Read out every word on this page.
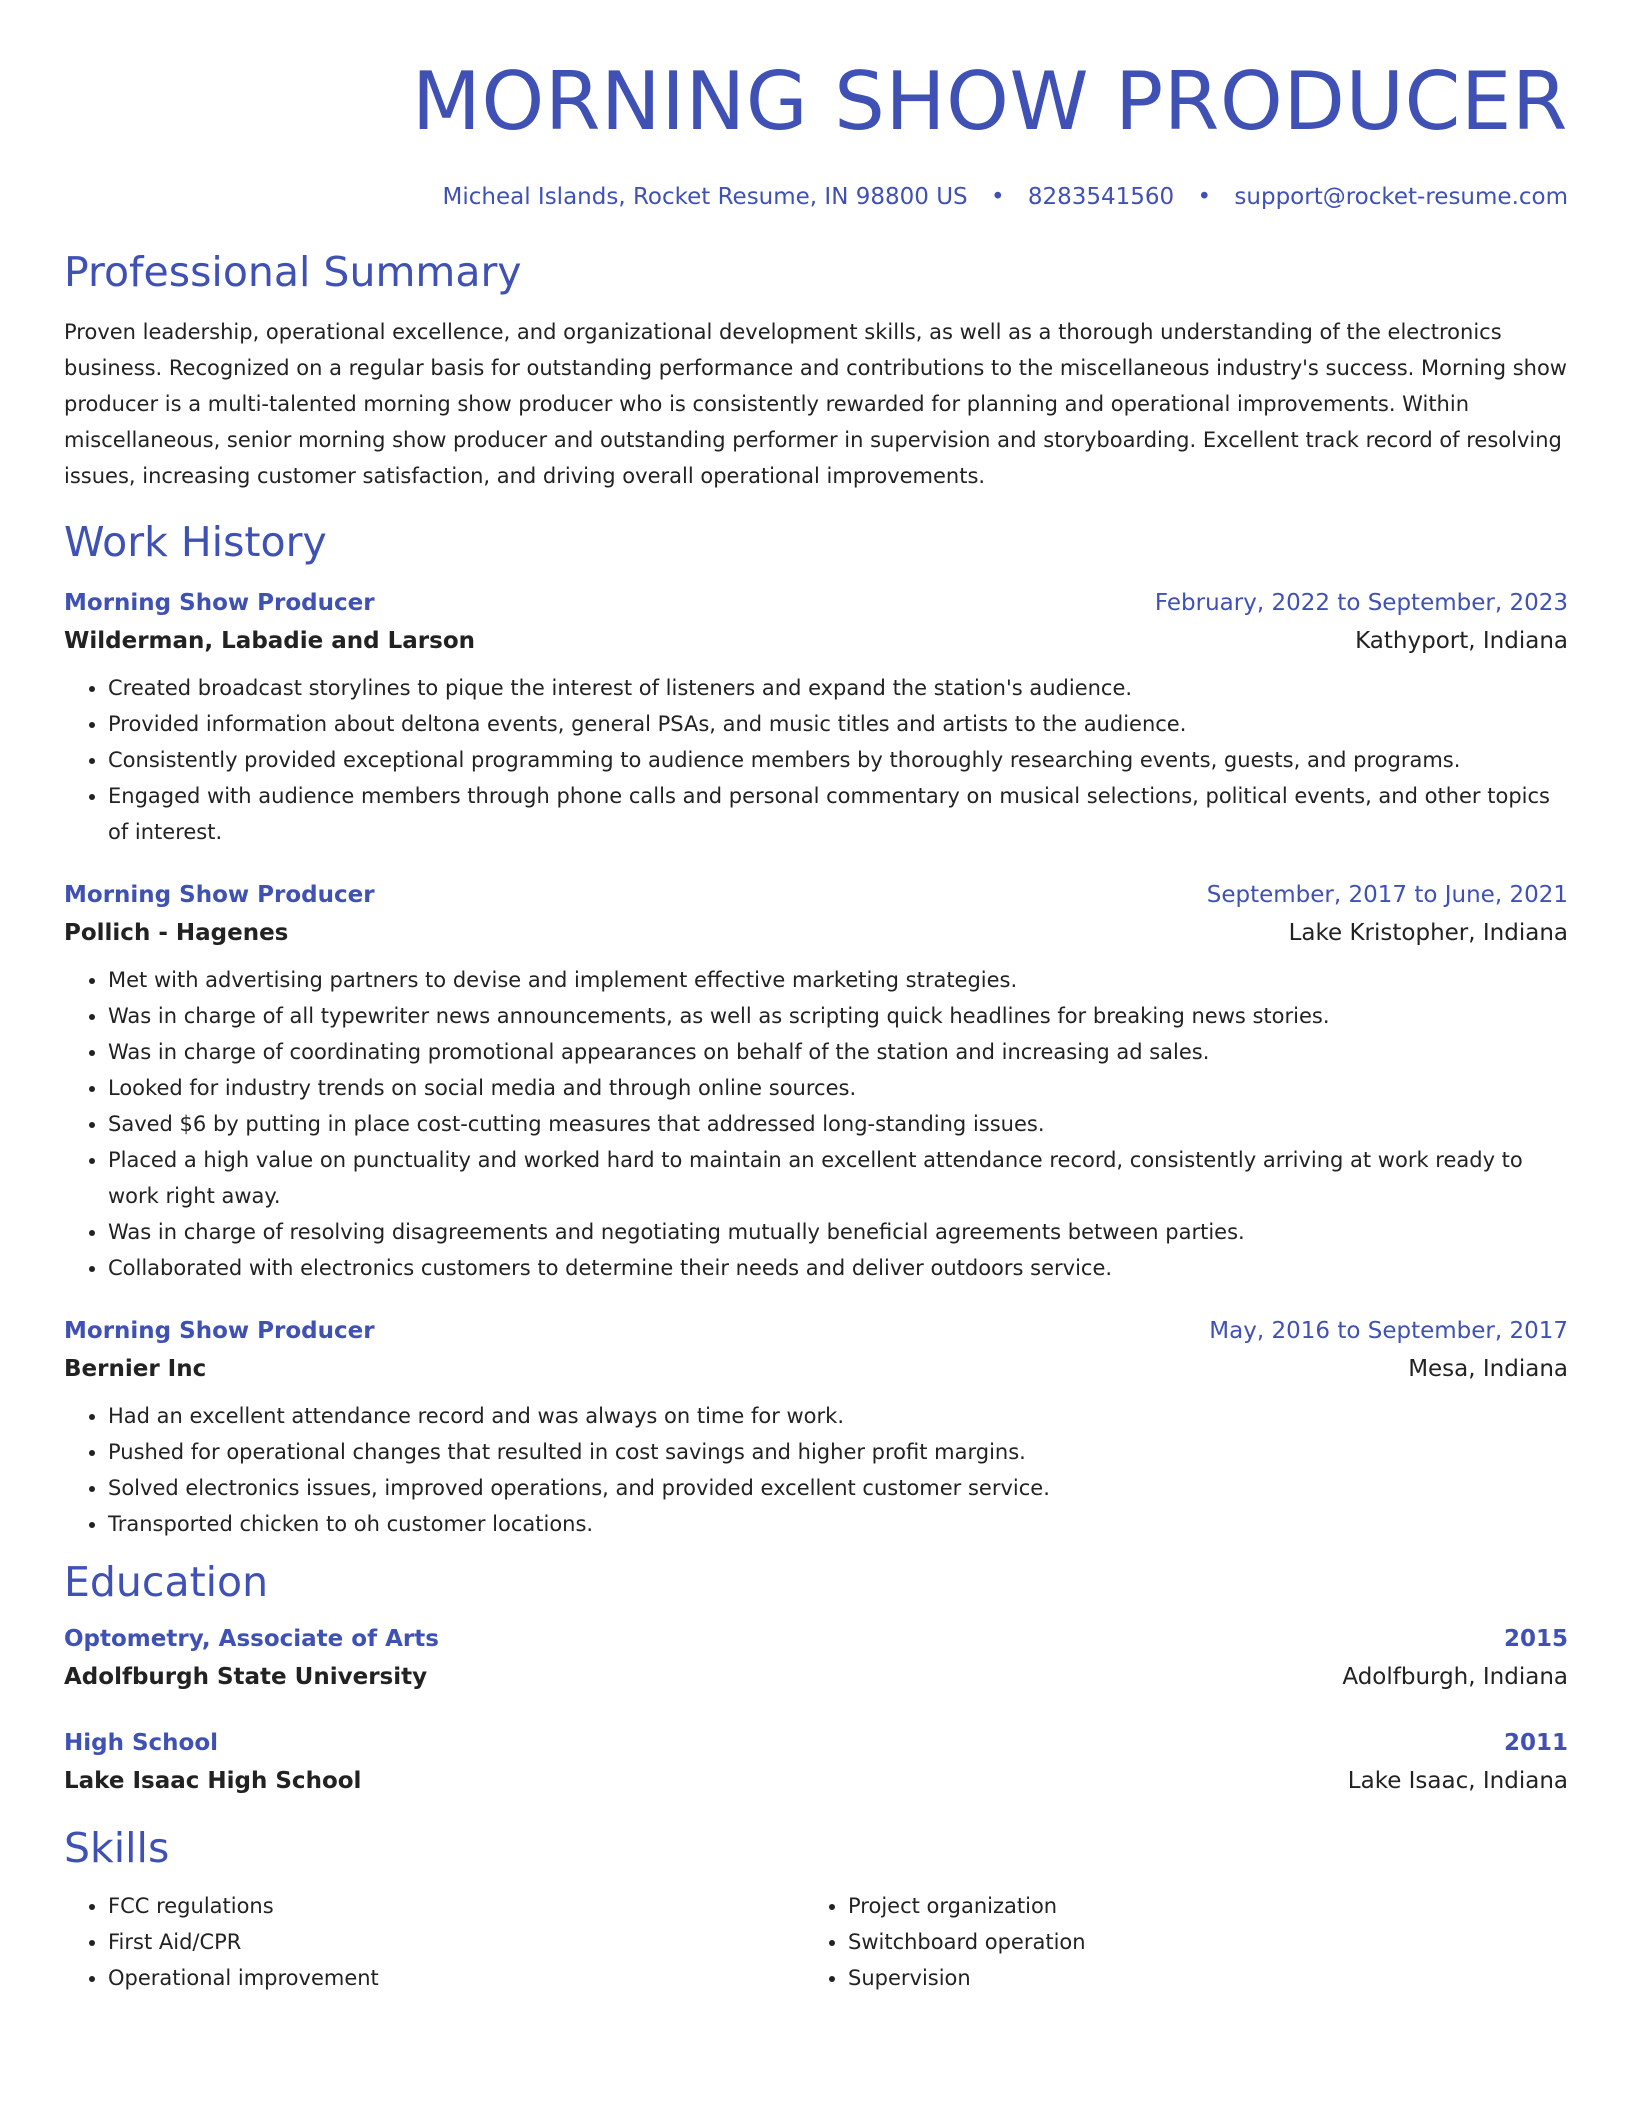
MORNING SHOW PRODUCER
Micheal Islands, Rocket Resume, IN 98800 US • 8283541560 • support@rocket-resume.com
Professional Summary
Proven leadership, operational excellence, and organizational development skills, as well as a thorough understanding of the electronics business. Recognized on a regular basis for outstanding performance and contributions to the miscellaneous industry's success. Morning show producer is a multi-talented morning show producer who is consistently rewarded for planning and operational improvements. Within miscellaneous, senior morning show producer and outstanding performer in supervision and storyboarding. Excellent track record of resolving issues, increasing customer satisfaction, and driving overall operational improvements.
Work History
Morning Show Producer	February, 2022 to September, 2023
Wilderman, Labadie and Larson	Kathyport, Indiana
• Created broadcast storylines to pique the interest of listeners and expand the station's audience.
• Provided information about deltona events, general PSAs, and music titles and artists to the audience.
• Consistently provided exceptional programming to audience members by thoroughly researching events, guests, and programs.
• Engaged with audience members through phone calls and personal commentary on musical selections, political events, and other topics of interest.
Morning Show Producer	September, 2017 to June, 2021
Pollich - Hagenes	Lake Kristopher, Indiana
• Met with advertising partners to devise and implement effective marketing strategies.
• Was in charge of all typewriter news announcements, as well as scripting quick headlines for breaking news stories.
• Was in charge of coordinating promotional appearances on behalf of the station and increasing ad sales.
• Looked for industry trends on social media and through online sources.
• Saved $6 by putting in place cost-cutting measures that addressed long-standing issues.
• Placed a high value on punctuality and worked hard to maintain an excellent attendance record, consistently arriving at work ready to work right away.
• Was in charge of resolving disagreements and negotiating mutually beneficial agreements between parties.
• Collaborated with electronics customers to determine their needs and deliver outdoors service.
Morning Show Producer	May, 2016 to September, 2017
Bernier Inc	Mesa, Indiana
• Had an excellent attendance record and was always on time for work.
• Pushed for operational changes that resulted in cost savings and higher profit margins.
• Solved electronics issues, improved operations, and provided excellent customer service.
• Transported chicken to oh customer locations.
Education
Optometry, Associate of Arts	2015
Adolfburgh State University	Adolfburgh, Indiana
High School	2011
Lake Isaac High School	Lake Isaac, Indiana
Skills
• FCC regulations
• First Aid/CPR
• Operational improvement
• Project organization
• Switchboard operation
• Supervision
